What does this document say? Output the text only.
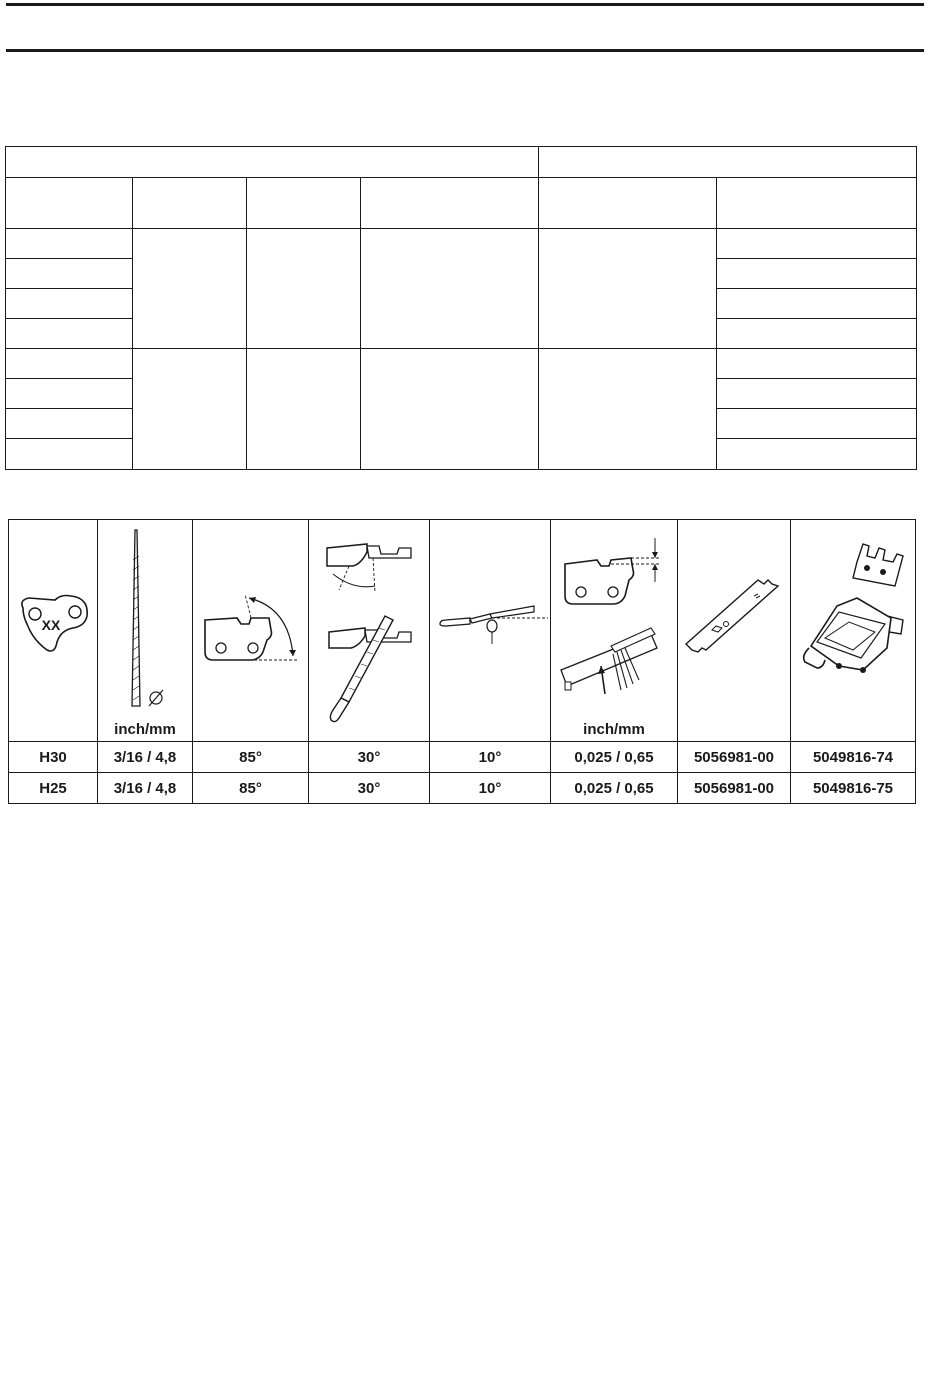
XX	inch/mm				inch/mm

H30	3/16 / 4,8	85°	30°	10°	0,025 / 0,65	5056981-00	5049816-74
H25	3/16 / 4,8	85°	30°	10°	0,025 / 0,65	5056981-00	5049816-75
